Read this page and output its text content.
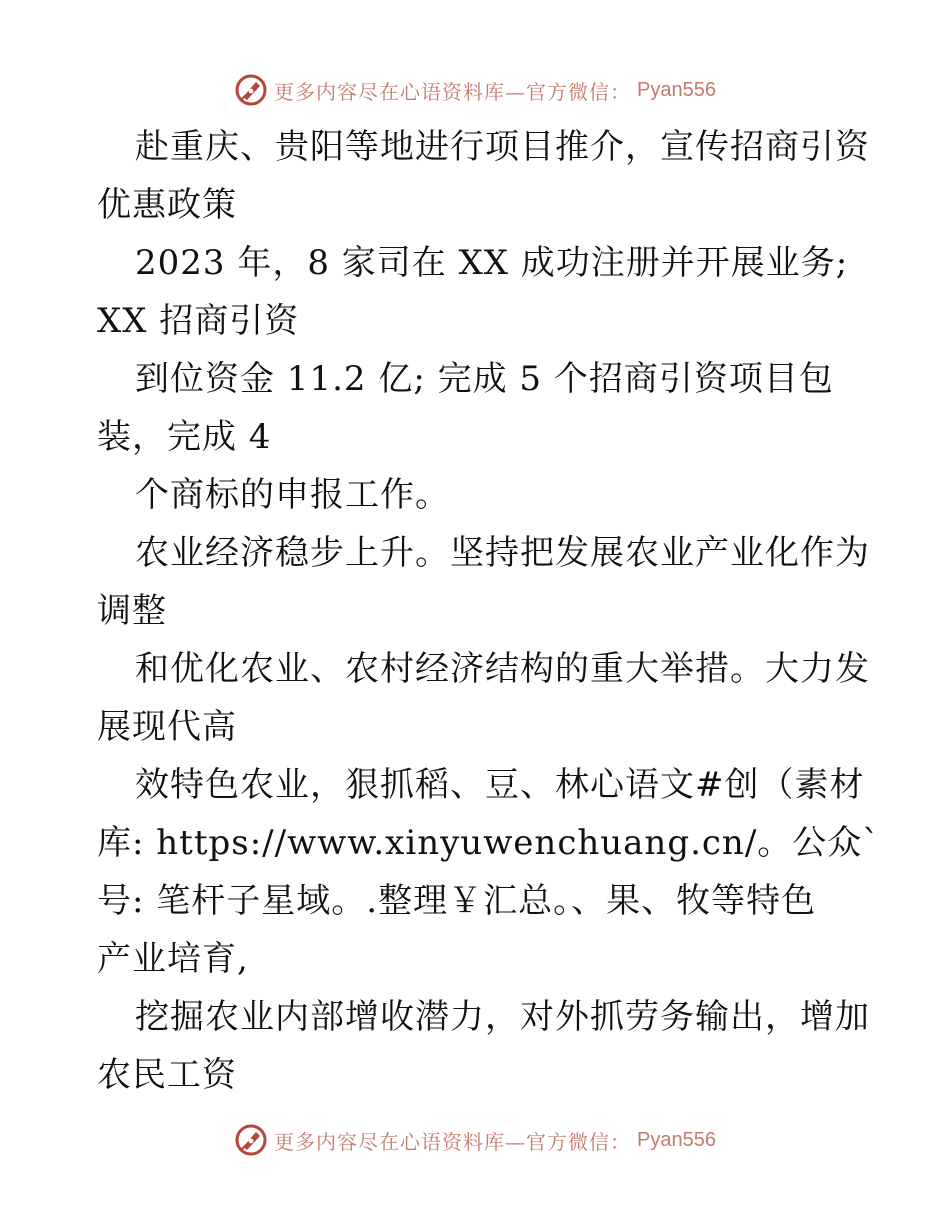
更多内容尽在心语资料库—官方微信： Pyan556
赴重庆、贵阳等地进行项目推介，宣传招商引资
优惠政策
2023 年，8 家司在 XX 成功注册并开展业务;
XX 招商引资
到位资金 11.2 亿; 完成 5 个招商引资项目包
装，完成 4
个商标的申报工作。
农业经济稳步上升。坚持把发展农业产业化作为
调整
和优化农业、农村经济结构的重大举措。大力发
展现代高
效特色农业，狠抓稻、豆、林心语文#创（素材
库: https://www.xinyuwenchuang.cn/。公众`
号: 笔杆子星域。.整理￥汇总。、果、牧等特色
产业培育,
挖掘农业内部增收潜力，对外抓劳务输出，增加
农民工资
更多内容尽在心语资料库—官方微信： Pyan556
